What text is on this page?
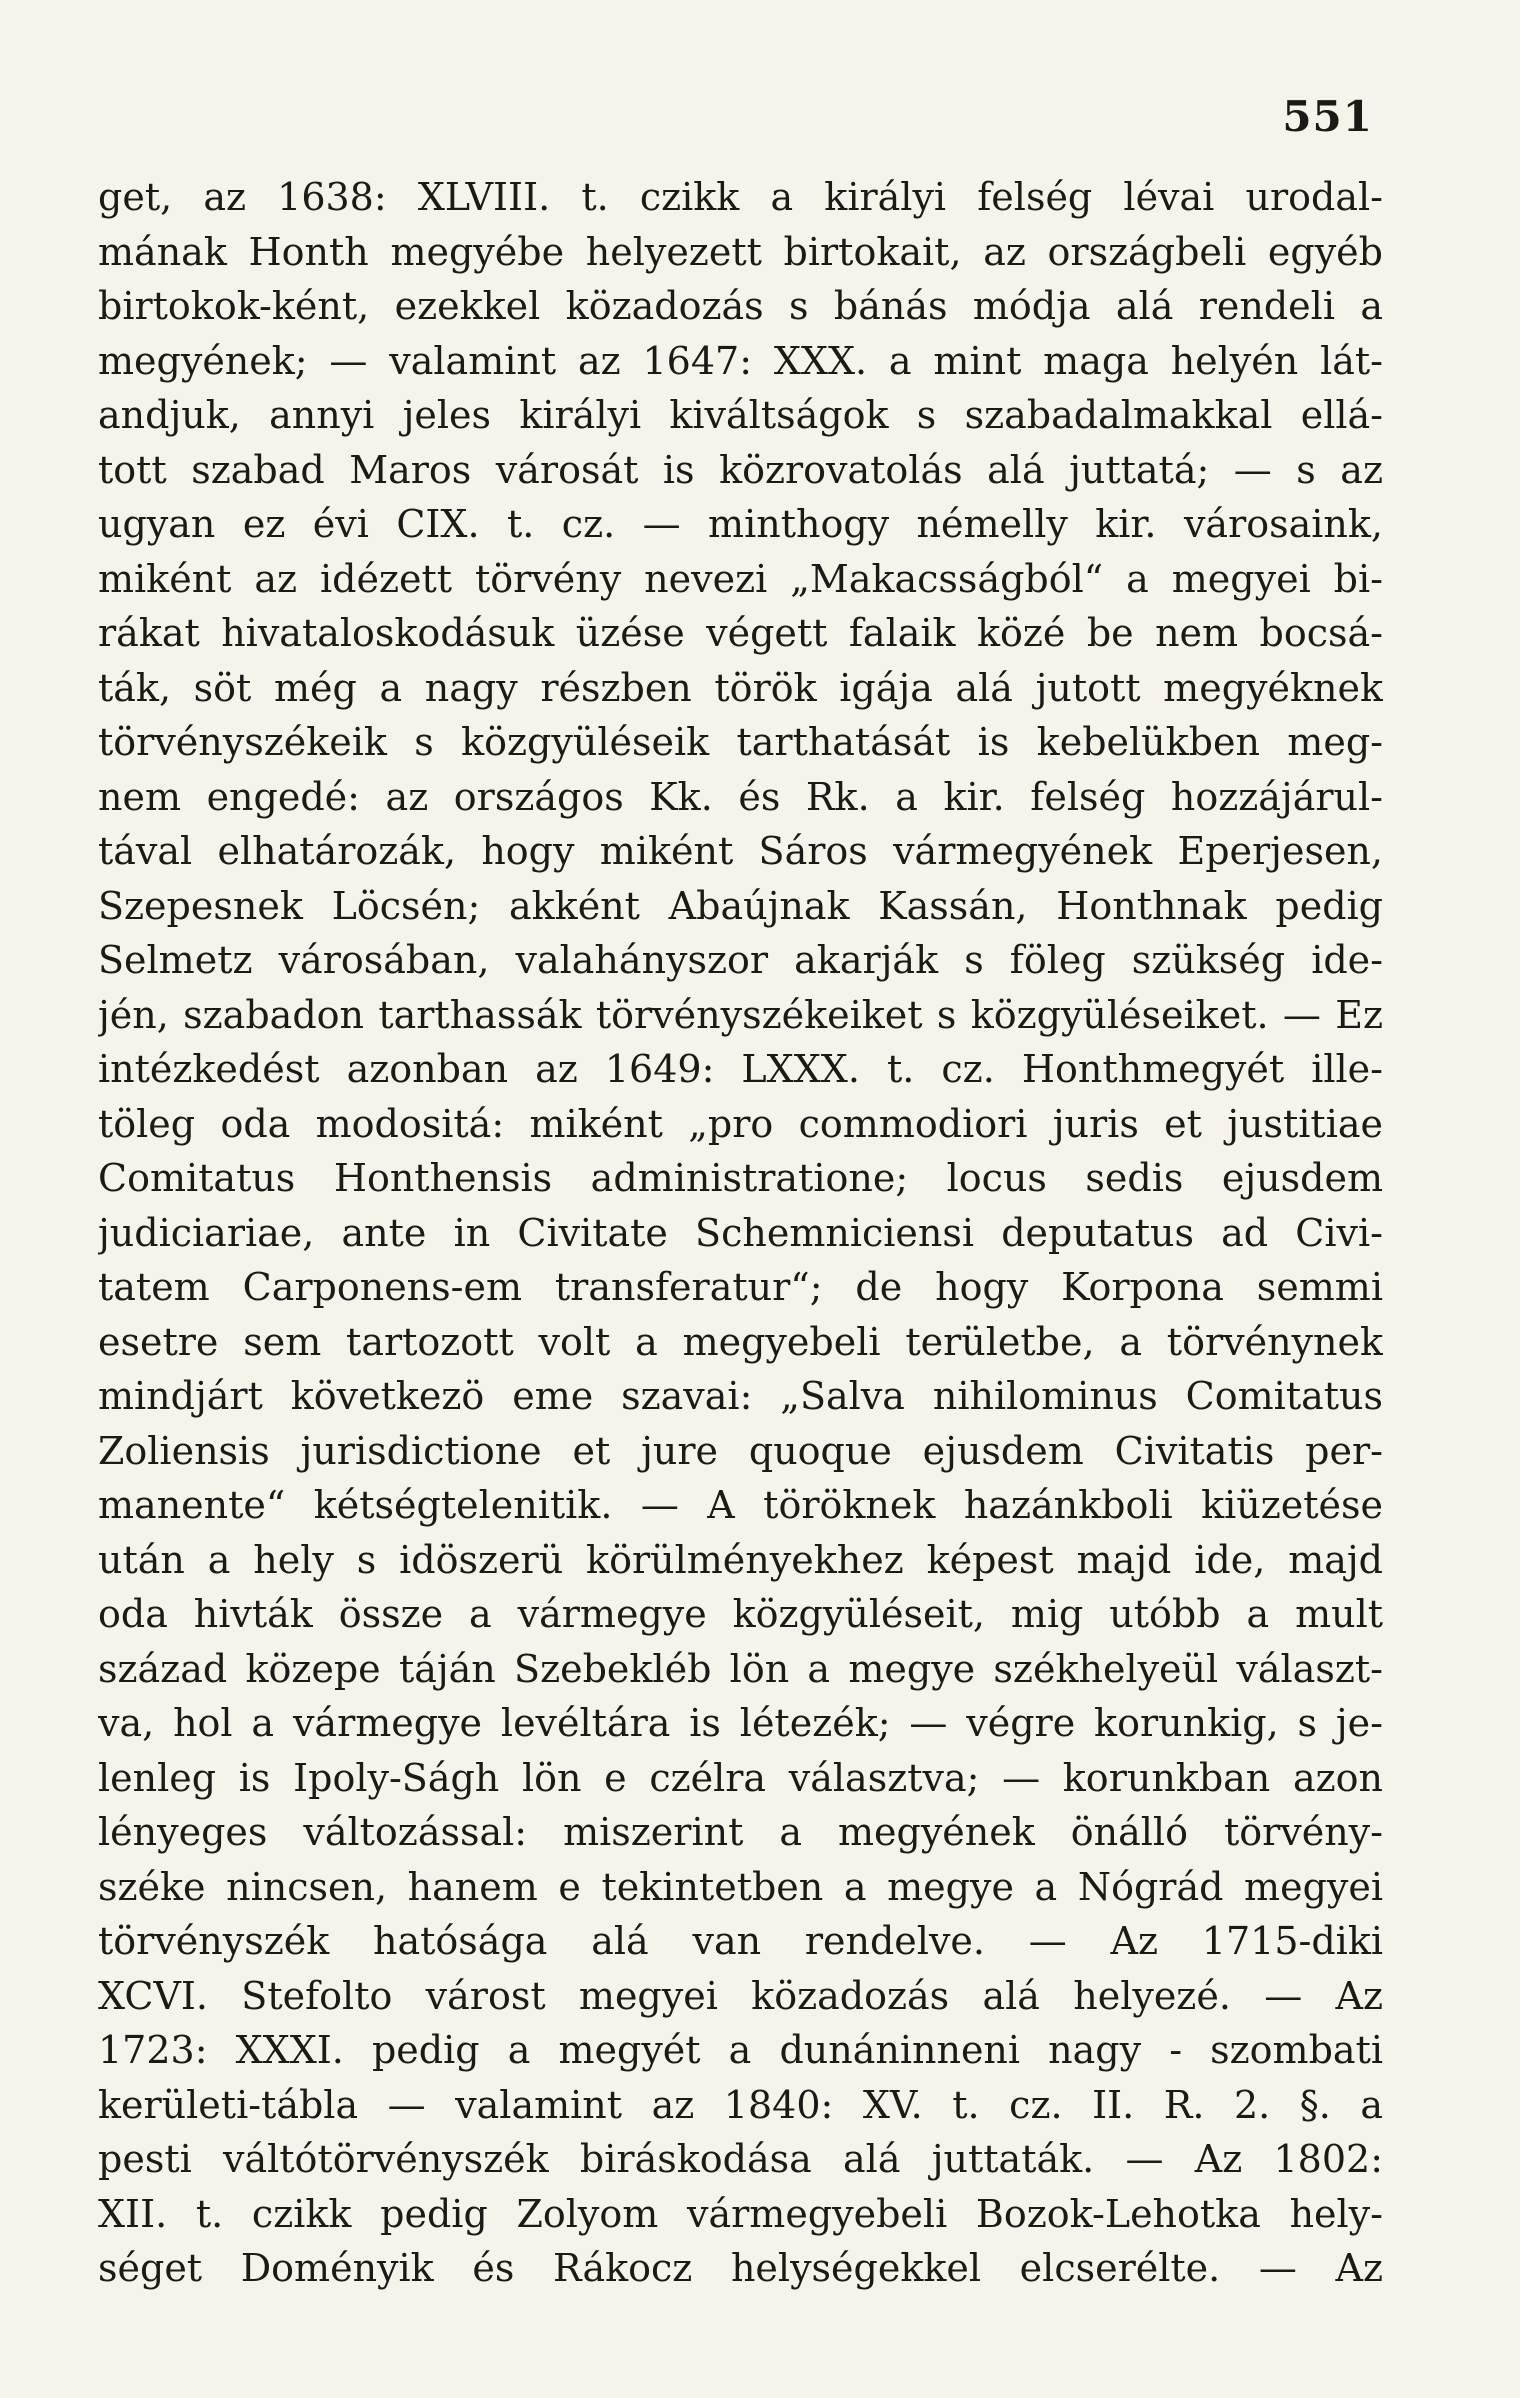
551
get, az 1638: XLVIII. t. czikk a királyi felség lévai urodal-
mának Honth megyébe helyezett birtokait, az országbeli egyéb
birtokok-ként, ezekkel közadozás s bánás módja alá rendeli a
megyének; — valamint az 1647: XXX. a mint maga helyén lát-
andjuk, annyi jeles királyi kiváltságok s szabadalmakkal ellá-
tott szabad Maros városát is közrovatolás alá juttatá; — s az
ugyan ez évi CIX. t. cz. — minthogy némelly kir. városaink,
miként az idézett törvény nevezi „Makacsságból“ a megyei bi-
rákat hivataloskodásuk üzése végett falaik közé be nem bocsá-
ták, söt még a nagy részben török igája alá jutott megyéknek
törvényszékeik s közgyüléseik tarthatását is kebelükben meg-
nem engedé: az országos Kk. és Rk. a kir. felség hozzájárul-
tával elhatározák, hogy miként Sáros vármegyének Eperjesen,
Szepesnek Löcsén; akként Abaújnak Kassán, Honthnak pedig
Selmetz városában, valahányszor akarják s föleg szükség ide-
jén, szabadon tarthassák törvényszékeiket s közgyüléseiket. — Ez
intézkedést azonban az 1649: LXXX. t. cz. Honthmegyét ille-
töleg oda modositá: miként „pro commodiori juris et justitiae
Comitatus Honthensis administratione; locus sedis ejusdem
judiciariae, ante in Civitate Schemniciensi deputatus ad Civi-
tatem Carponens-em transferatur“; de hogy Korpona semmi
esetre sem tartozott volt a megyebeli területbe, a törvénynek
mindjárt következö eme szavai: „Salva nihilominus Comitatus
Zoliensis jurisdictione et jure quoque ejusdem Civitatis per-
manente“ kétségtelenitik. — A töröknek hazánkboli kiüzetése
után a hely s idöszerü körülményekhez képest majd ide, majd
oda hivták össze a vármegye közgyüléseit, mig utóbb a mult
század közepe táján Szebekléb lön a megye székhelyeül választ-
va, hol a vármegye levéltára is létezék; — végre korunkig, s je-
lenleg is Ipoly-Ságh lön e czélra választva; — korunkban azon
lényeges változással: miszerint a megyének önálló törvény-
széke nincsen, hanem e tekintetben a megye a Nógrád megyei
törvényszék hatósága alá van rendelve. — Az 1715-diki
XCVI. Stefolto várost megyei közadozás alá helyezé. — Az
1723: XXXI. pedig a megyét a dunáninneni nagy - szombati
kerületi-tábla — valamint az 1840: XV. t. cz. II. R. 2. §. a
pesti váltótörvényszék biráskodása alá juttaták. — Az 1802:
XII. t. czikk pedig Zolyom vármegyebeli Bozok-Lehotka hely-
séget Doményik és Rákocz helységekkel elcserélte. — Az
